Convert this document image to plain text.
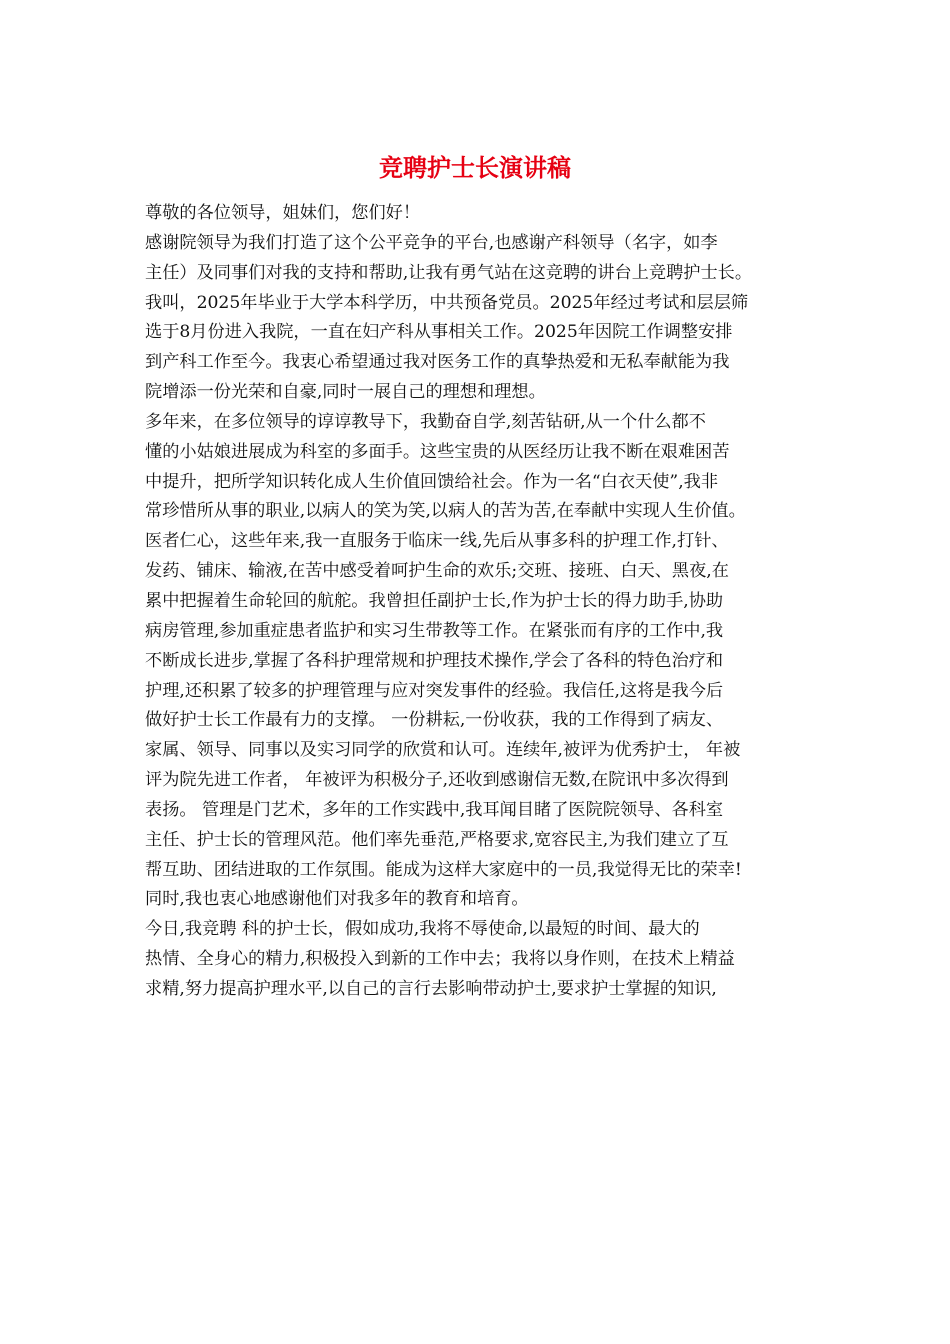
竞聘护士长演讲稿
尊敬的各位领导，姐妹们，您们好！
感谢院领导为我们打造了这个公平竞争的平台,也感谢产科领导（名字，如李
主任）及同事们对我的支持和帮助,让我有勇气站在这竞聘的讲台上竞聘护士长。
我叫，2025年毕业于大学本科学历，中共预备党员。2025年经过考试和层层筛
选于8月份进入我院，一直在妇产科从事相关工作。2025年因院工作调整安排
到产科工作至今。我衷心希望通过我对医务工作的真挚热爱和无私奉献能为我
院增添一份光荣和自豪,同时一展自己的理想和理想。
多年来，在多位领导的谆谆教导下，我勤奋自学,刻苦钻研,从一个什么都不
懂的小姑娘进展成为科室的多面手。这些宝贵的从医经历让我不断在艰难困苦
中提升，把所学知识转化成人生价值回馈给社会。作为一名“白衣天使”,我非
常珍惜所从事的职业,以病人的笑为笑,以病人的苦为苦,在奉献中实现人生价值。
医者仁心，这些年来,我一直服务于临床一线,先后从事多科的护理工作,打针、
发药、铺床、输液,在苦中感受着呵护生命的欢乐;交班、接班、白天、黑夜,在
累中把握着生命轮回的航舵。我曾担任副护士长,作为护士长的得力助手,协助
病房管理,参加重症患者监护和实习生带教等工作。在紧张而有序的工作中,我
不断成长进步,掌握了各科护理常规和护理技术操作,学会了各科的特色治疗和
护理,还积累了较多的护理管理与应对突发事件的经验。我信任,这将是我今后
做好护士长工作最有力的支撑。 一份耕耘,一份收获，我的工作得到了病友、
家属、领导、同事以及实习同学的欣赏和认可。连续年,被评为优秀护士， 年被
评为院先进工作者， 年被评为积极分子,还收到感谢信无数,在院讯中多次得到
表扬。 管理是门艺术，多年的工作实践中,我耳闻目睹了医院院领导、各科室
主任、护士长的管理风范。他们率先垂范,严格要求,宽容民主,为我们建立了互
帮互助、团结进取的工作氛围。能成为这样大家庭中的一员,我觉得无比的荣幸!
同时,我也衷心地感谢他们对我多年的教育和培育。
今日,我竞聘 科的护士长，假如成功,我将不辱使命,以最短的时间、最大的
热情、全身心的精力,积极投入到新的工作中去；我将以身作则，在技术上精益
求精,努力提高护理水平,以自己的言行去影响带动护士,要求护士掌握的知识,
